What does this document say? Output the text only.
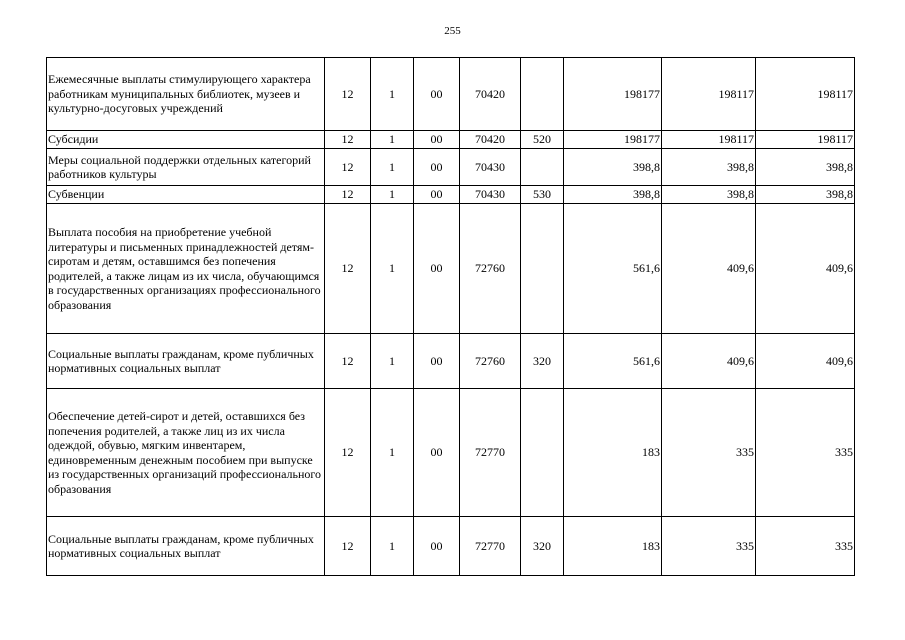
255
Ежемесячные выплаты стимулирующего характера работникам муниципальных библиотек, музеев и культурно-досуговых учреждений	12	1	00	70420		198177	198117	198117
Субсидии	12	1	00	70420	520	198177	198117	198117
Меры социальной поддержки отдельных категорий работников культуры	12	1	00	70430		398,8	398,8	398,8
Субвенции	12	1	00	70430	530	398,8	398,8	398,8
Выплата пособия на приобретение учебной литературы и письменных принадлежностей детям-сиротам и детям, оставшимся без попечения родителей, а также лицам из их числа, обучающимся в государственных организациях профессионального образования	12	1	00	72760		561,6	409,6	409,6
Социальные выплаты гражданам, кроме публичных нормативных социальных выплат	12	1	00	72760	320	561,6	409,6	409,6
Обеспечение детей-сирот и детей, оставшихся без попечения родителей, а также лиц из их числа одеждой, обувью, мягким инвентарем, единовременным денежным пособием при выпуске из государственных организаций профессионального образования	12	1	00	72770		183	335	335
Социальные выплаты гражданам, кроме публичных нормативных социальных выплат	12	1	00	72770	320	183	335	335
